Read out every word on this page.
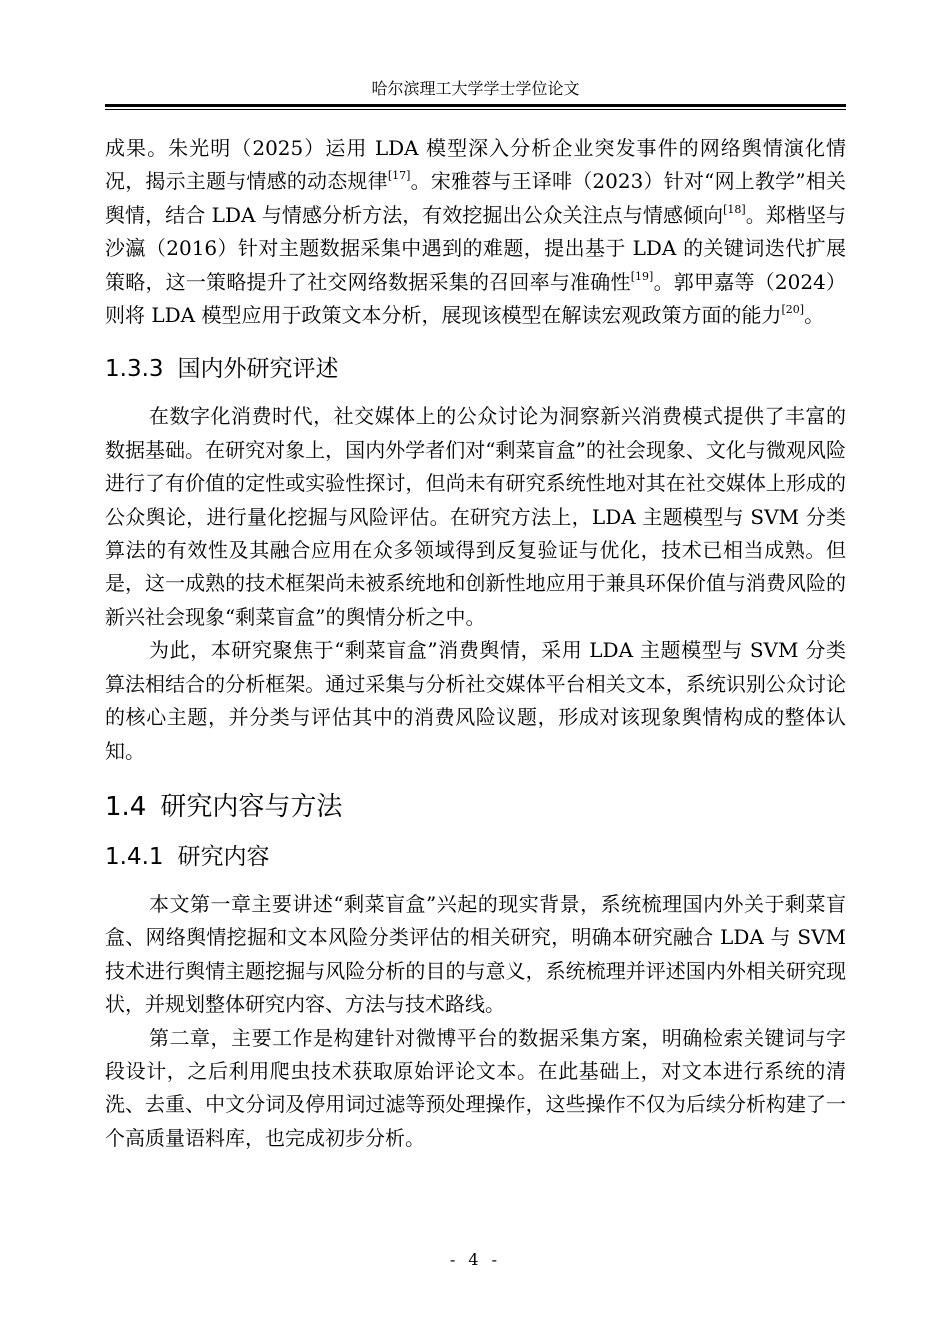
哈尔滨理工大学学士学位论文

成果。朱光明（2025）运用 LDA 模型深入分析企业突发事件的网络舆情演化情况，揭示主题与情感的动态规律[17]。宋雅蓉与王译啡（2023）针对“网上教学”相关舆情，结合 LDA 与情感分析方法，有效挖掘出公众关注点与情感倾向[18]。郑楷坚与沙瀛（2016）针对主题数据采集中遇到的难题，提出基于 LDA 的关键词迭代扩展策略，这一策略提升了社交网络数据采集的召回率与准确性[19]。郭甲嘉等（2024）则将 LDA 模型应用于政策文本分析，展现该模型在解读宏观政策方面的能力[20]。

1.3.3 国内外研究评述

在数字化消费时代，社交媒体上的公众讨论为洞察新兴消费模式提供了丰富的数据基础。在研究对象上，国内外学者们对“剩菜盲盒”的社会现象、文化与微观风险进行了有价值的定性或实验性探讨，但尚未有研究系统性地对其在社交媒体上形成的公众舆论，进行量化挖掘与风险评估。在研究方法上，LDA 主题模型与 SVM 分类算法的有效性及其融合应用在众多领域得到反复验证与优化，技术已相当成熟。但是，这一成熟的技术框架尚未被系统地和创新性地应用于兼具环保价值与消费风险的新兴社会现象“剩菜盲盒”的舆情分析之中。

为此，本研究聚焦于“剩菜盲盒”消费舆情，采用 LDA 主题模型与 SVM 分类算法相结合的分析框架。通过采集与分析社交媒体平台相关文本，系统识别公众讨论的核心主题，并分类与评估其中的消费风险议题，形成对该现象舆情构成的整体认知。

1.4 研究内容与方法
1.4.1 研究内容

本文第一章主要讲述“剩菜盲盒”兴起的现实背景，系统梳理国内外关于剩菜盲盒、网络舆情挖掘和文本风险分类评估的相关研究，明确本研究融合 LDA 与 SVM 技术进行舆情主题挖掘与风险分析的目的与意义，系统梳理并评述国内外相关研究现状，并规划整体研究内容、方法与技术路线。

第二章，主要工作是构建针对微博平台的数据采集方案，明确检索关键词与字段设计，之后利用爬虫技术获取原始评论文本。在此基础上，对文本进行系统的清洗、去重、中文分词及停用词过滤等预处理操作，这些操作不仅为后续分析构建了一个高质量语料库，也完成初步分析。

- 4 -
